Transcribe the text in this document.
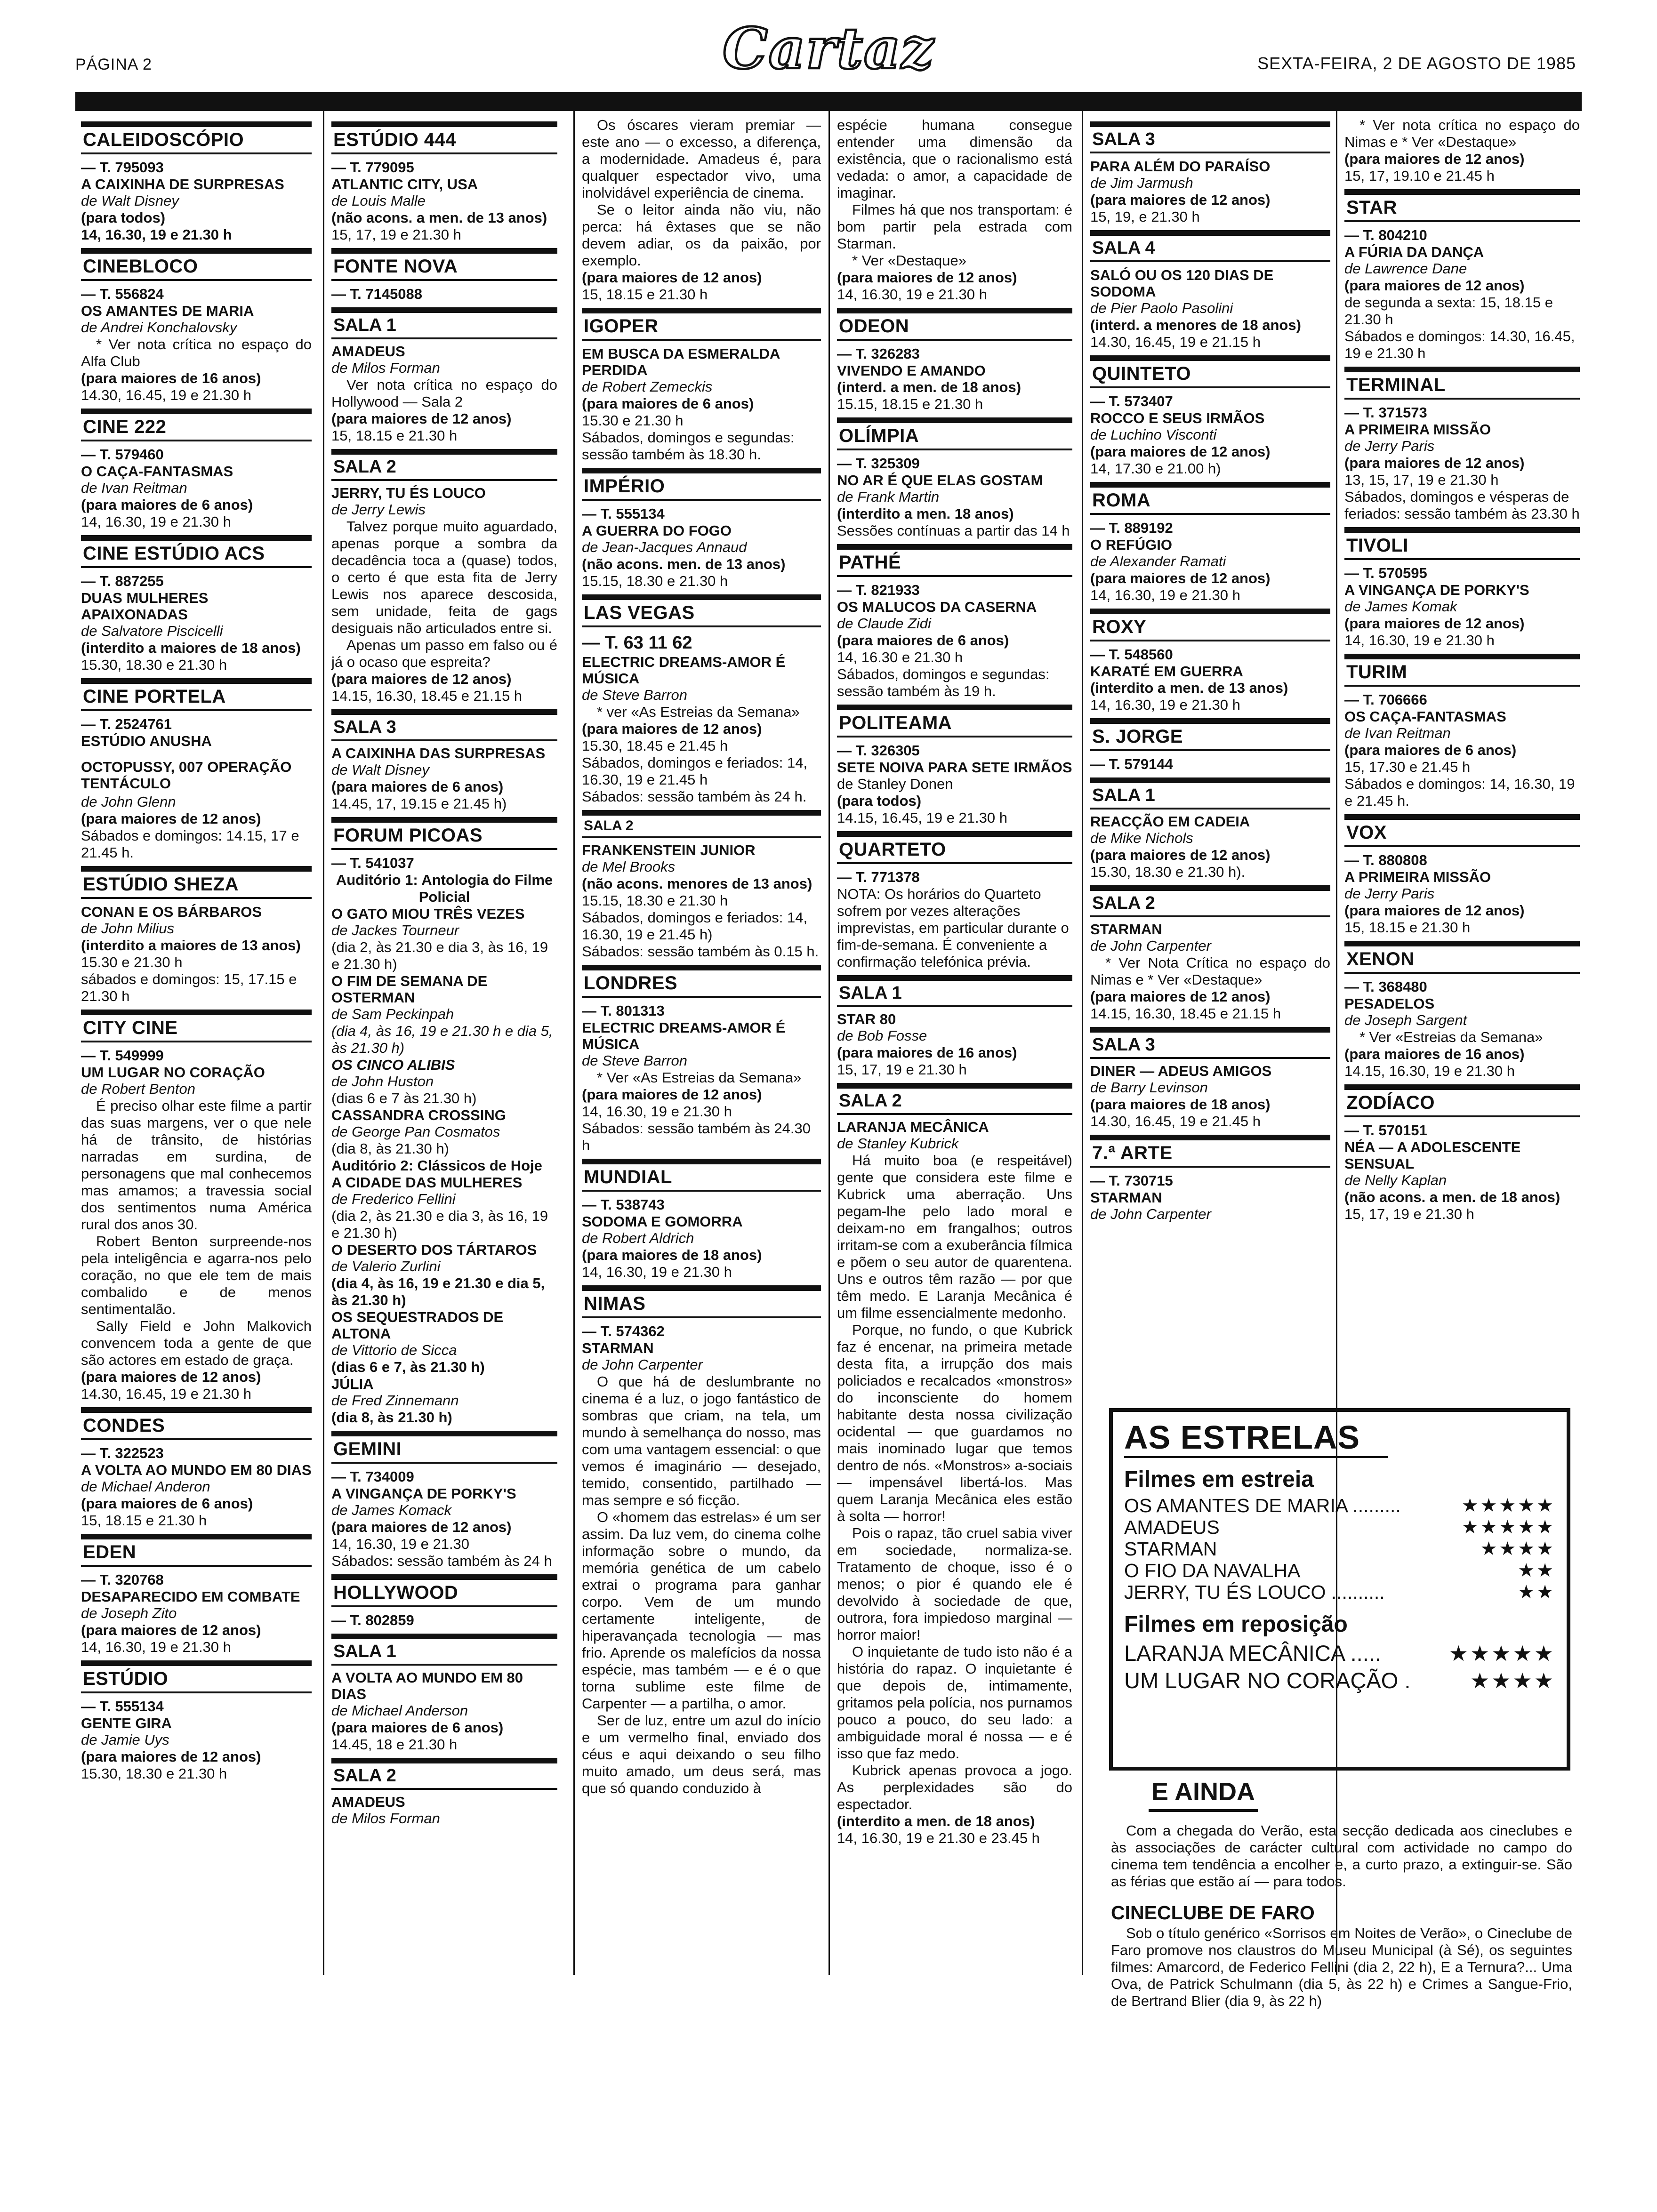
PÁGINA 2	Cartaz	SEXTA-FEIRA, 2 DE AGOSTO DE 1985
CALEIDOSCÓPIO
— T. 795093
A CAIXINHA DE SURPRESAS
de Walt Disney
(para todos)
14, 16.30, 19 e 21.30 h
CINEBLOCO
— T. 556824
OS AMANTES DE MARIA
de Andrei Konchalovsky
* Ver nota crítica no espaço do Alfa Club
(para maiores de 16 anos)
14.30, 16.45, 19 e 21.30 h
CINE 222
— T. 579460
O CAÇA-FANTASMAS
de Ivan Reitman
(para maiores de 6 anos)
14, 16.30, 19 e 21.30 h
CINE ESTÚDIO ACS
— T. 887255
DUAS MULHERES APAIXONADAS
de Salvatore Piscicelli
(interdito a maiores de 18 anos)
15.30, 18.30 e 21.30 h
CINE PORTELA
— T. 2524761
ESTÚDIO ANUSHA
OCTOPUSSY, 007 OPERAÇÃO TENTÁCULO
de John Glenn
(para maiores de 12 anos)
Sábados e domingos: 14.15, 17 e 21.45 h.
ESTÚDIO SHEZA
CONAN E OS BÁRBAROS
de John Milius
(interdito a maiores de 13 anos)
15.30 e 21.30 h
sábados e domingos: 15, 17.15 e 21.30 h
CITY CINE
— T. 549999
UM LUGAR NO CORAÇÃO
de Robert Benton
É preciso olhar este filme a partir das suas margens, ver o que nele há de trânsito, de histórias narradas em surdina, de personagens que mal conhecemos mas amamos; a travessia social dos sentimentos numa América rural dos anos 30.
Robert Benton surpreende-nos pela inteligência e agarra-nos pelo coração, no que ele tem de mais combalido e de menos sentimentalão.
Sally Field e John Malkovich convencem toda a gente de que são actores em estado de graça.
(para maiores de 12 anos)
14.30, 16.45, 19 e 21.30 h
CONDES
— T. 322523
A VOLTA AO MUNDO EM 80 DIAS
de Michael Anderon
(para maiores de 6 anos)
15, 18.15 e 21.30 h
EDEN
— T. 320768
DESAPARECIDO EM COMBATE
de Joseph Zito
(para maiores de 12 anos)
14, 16.30, 19 e 21.30 h
ESTÚDIO
— T. 555134
GENTE GIRA
de Jamie Uys
(para maiores de 12 anos)
15.30, 18.30 e 21.30 h
ESTÚDIO 444
— T. 779095
ATLANTIC CITY, USA
de Louis Malle
(não acons. a men. de 13 anos)
15, 17, 19 e 21.30 h
FONTE NOVA
— T. 7145088
SALA 1
AMADEUS
de Milos Forman
Ver nota crítica no espaço do Hollywood — Sala 2
(para maiores de 12 anos)
15, 18.15 e 21.30 h
SALA 2
JERRY, TU ÉS LOUCO
de Jerry Lewis
Talvez porque muito aguardado, apenas porque a sombra da decadência toca a (quase) todos, o certo é que esta fita de Jerry Lewis nos aparece descosida, sem unidade, feita de gags desiguais não articulados entre si.
Apenas um passo em falso ou é já o ocaso que espreita?
(para maiores de 12 anos)
14.15, 16.30, 18.45 e 21.15 h
SALA 3
A CAIXINHA DAS SURPRESAS
de Walt Disney
(para maiores de 6 anos)
14.45, 17, 19.15 e 21.45 h)
FORUM PICOAS
— T. 541037
Auditório 1: Antologia do Filme Policial
O GATO MIOU TRÊS VEZES
de Jackes Tourneur
(dia 2, às 21.30 e dia 3, às 16, 19 e 21.30 h)
O FIM DE SEMANA DE OSTERMAN
de Sam Peckinpah
(dia 4, às 16, 19 e 21.30 h e dia 5, às 21.30 h)
OS CINCO ALIBIS
de John Huston
(dias 6 e 7 às 21.30 h)
CASSANDRA CROSSING
de George Pan Cosmatos
(dia 8, às 21.30 h)
Auditório 2: Clássicos de Hoje
A CIDADE DAS MULHERES
de Frederico Fellini
(dia 2, às 21.30 e dia 3, às 16, 19 e 21.30 h)
O DESERTO DOS TÁRTAROS
de Valerio Zurlini
(dia 4, às 16, 19 e 21.30 e dia 5, às 21.30 h)
OS SEQUESTRADOS DE ALTONA
de Vittorio de Sicca
(dias 6 e 7, às 21.30 h)
JÚLIA
de Fred Zinnemann
(dia 8, às 21.30 h)
GEMINI
— T. 734009
A VINGANÇA DE PORKY'S
de James Komack
(para maiores de 12 anos)
14, 16.30, 19 e 21.30
Sábados: sessão também às 24 h
HOLLYWOOD
— T. 802859
SALA 1
A VOLTA AO MUNDO EM 80 DIAS
de Michael Anderson
(para maiores de 6 anos)
14.45, 18 e 21.30 h
SALA 2
AMADEUS
de Milos Forman
Os óscares vieram premiar — este ano — o excesso, a diferença, a modernidade. Amadeus é, para qualquer espectador vivo, uma inolvidável experiência de cinema.
Se o leitor ainda não viu, não perca: há êxtases que se não devem adiar, os da paixão, por exemplo.
(para maiores de 12 anos)
15, 18.15 e 21.30 h
IGOPER
EM BUSCA DA ESMERALDA PERDIDA
de Robert Zemeckis
(para maiores de 6 anos)
15.30 e 21.30 h
Sábados, domingos e segundas: sessão também às 18.30 h.
IMPÉRIO
— T. 555134
A GUERRA DO FOGO
de Jean-Jacques Annaud
(não acons. men. de 13 anos)
15.15, 18.30 e 21.30 h
LAS VEGAS
— T. 63 11 62
ELECTRIC DREAMS-AMOR É MÚSICA
de Steve Barron
* ver «As Estreias da Semana»
(para maiores de 12 anos)
15.30, 18.45 e 21.45 h
Sábados, domingos e feriados: 14, 16.30, 19 e 21.45 h
Sábados: sessão também às 24 h.
SALA 2
FRANKENSTEIN JUNIOR
de Mel Brooks
(não acons. menores de 13 anos)
15.15, 18.30 e 21.30 h
Sábados, domingos e feriados: 14, 16.30, 19 e 21.45 h)
Sábados: sessão também às 0.15 h.
LONDRES
— T. 801313
ELECTRIC DREAMS-AMOR É MÚSICA
de Steve Barron
* Ver «As Estreias da Semana»
(para maiores de 12 anos)
14, 16.30, 19 e 21.30 h
Sábados: sessão também às 24.30 h
MUNDIAL
— T. 538743
SODOMA E GOMORRA
de Robert Aldrich
(para maiores de 18 anos)
14, 16.30, 19 e 21.30 h
NIMAS
— T. 574362
STARMAN
de John Carpenter
O que há de deslumbrante no cinema é a luz, o jogo fantástico de sombras que criam, na tela, um mundo à semelhança do nosso, mas com uma vantagem essencial: o que vemos é imaginário — desejado, temido, consentido, partilhado — mas sempre e só ficção.
O «homem das estrelas» é um ser assim. Da luz vem, do cinema colhe informação sobre o mundo, da memória genética de um cabelo extrai o programa para ganhar corpo. Vem de um mundo certamente inteligente, de hiperavançada tecnologia — mas frio. Aprende os malefícios da nossa espécie, mas também — e é o que torna sublime este filme de Carpenter — a partilha, o amor.
Ser de luz, entre um azul do início e um vermelho final, enviado dos céus e aqui deixando o seu filho muito amado, um deus será, mas que só quando conduzido à
espécie humana consegue entender uma dimensão da existência, que o racionalismo está vedada: o amor, a capacidade de imaginar.
Filmes há que nos transportam: é bom partir pela estrada com Starman.
* Ver «Destaque»
(para maiores de 12 anos)
14, 16.30, 19 e 21.30 h
ODEON
— T. 326283
VIVENDO E AMANDO
(interd. a men. de 18 anos)
15.15, 18.15 e 21.30 h
OLÍMPIA
— T. 325309
NO AR É QUE ELAS GOSTAM
de Frank Martin
(interdito a men. 18 anos)
Sessões contínuas a partir das 14 h
PATHÉ
— T. 821933
OS MALUCOS DA CASERNA
de Claude Zidi
(para maiores de 6 anos)
14, 16.30 e 21.30 h
Sábados, domingos e segundas: sessão também às 19 h.
POLITEAMA
— T. 326305
SETE NOIVA PARA SETE IRMÃOS
de Stanley Donen
(para todos)
14.15, 16.45, 19 e 21.30 h
QUARTETO
— T. 771378
NOTA: Os horários do Quarteto sofrem por vezes alterações imprevistas, em particular durante o fim-de-semana. É conveniente a confirmação telefónica prévia.
SALA 1
STAR 80
de Bob Fosse
(para maiores de 16 anos)
15, 17, 19 e 21.30 h
SALA 2
LARANJA MECÂNICA
de Stanley Kubrick
Há muito boa (e respeitável) gente que considera este filme e Kubrick uma aberração. Uns pegam-lhe pelo lado moral e deixam-no em frangalhos; outros irritam-se com a exuberância fílmica e põem o seu autor de quarentena. Uns e outros têm razão — por que têm medo. E Laranja Mecânica é um filme essencialmente medonho.
Porque, no fundo, o que Kubrick faz é encenar, na primeira metade desta fita, a irrupção dos mais policiados e recalcados «monstros» do inconsciente do homem habitante desta nossa civilização ocidental — que guardamos no mais inominado lugar que temos dentro de nós. «Monstros» a-sociais — impensável libertá-los. Mas quem Laranja Mecânica eles estão à solta — horror!
Pois o rapaz, tão cruel sabia viver em sociedade, normaliza-se. Tratamento de choque, isso é o menos; o pior é quando ele é devolvido à sociedade de que, outrora, fora impiedoso marginal — horror maior!
O inquietante de tudo isto não é a história do rapaz. O inquietante é que depois de, intimamente, gritamos pela polícia, nos purnamos pouco a pouco, do seu lado: a ambiguidade moral é nossa — e é isso que faz medo.
Kubrick apenas provoca a jogo. As perplexidades são do espectador.
(interdito a men. de 18 anos)
14, 16.30, 19 e 21.30 e 23.45 h
SALA 3
PARA ALÉM DO PARAÍSO
de Jim Jarmush
(para maiores de 12 anos)
15, 19, e 21.30 h
SALA 4
SALÓ OU OS 120 DIAS DE SODOMA
de Pier Paolo Pasolini
(interd. a menores de 18 anos)
14.30, 16.45, 19 e 21.15 h
QUINTETO
— T. 573407
ROCCO E SEUS IRMÃOS
de Luchino Visconti
(para maiores de 12 anos)
14, 17.30 e 21.00 h)
ROMA
— T. 889192
O REFÚGIO
de Alexander Ramati
(para maiores de 12 anos)
14, 16.30, 19 e 21.30 h
ROXY
— T. 548560
KARATÉ EM GUERRA
(interdito a men. de 13 anos)
14, 16.30, 19 e 21.30 h
S. JORGE
— T. 579144
SALA 1
REACÇÃO EM CADEIA
de Mike Nichols
(para maiores de 12 anos)
15.30, 18.30 e 21.30 h).
SALA 2
STARMAN
de John Carpenter
* Ver Nota Crítica no espaço do Nimas e * Ver «Destaque»
(para maiores de 12 anos)
14.15, 16.30, 18.45 e 21.15 h
SALA 3
DINER — ADEUS AMIGOS
de Barry Levinson
(para maiores de 18 anos)
14.30, 16.45, 19 e 21.45 h
7.ª ARTE
— T. 730715
STARMAN
de John Carpenter
* Ver nota crítica no espaço do Nimas e * Ver «Destaque»
(para maiores de 12 anos)
15, 17, 19.10 e 21.45 h
STAR
— T. 804210
A FÚRIA DA DANÇA
de Lawrence Dane
(para maiores de 12 anos)
de segunda a sexta: 15, 18.15 e 21.30 h
Sábados e domingos: 14.30, 16.45, 19 e 21.30 h
TERMINAL
— T. 371573
A PRIMEIRA MISSÃO
de Jerry Paris
(para maiores de 12 anos)
13, 15, 17, 19 e 21.30 h
Sábados, domingos e vésperas de feriados: sessão também às 23.30 h
TIVOLI
— T. 570595
A VINGANÇA DE PORKY'S
de James Komak
(para maiores de 12 anos)
14, 16.30, 19 e 21.30 h
TURIM
— T. 706666
OS CAÇA-FANTASMAS
de Ivan Reitman
(para maiores de 6 anos)
15, 17.30 e 21.45 h
Sábados e domingos: 14, 16.30, 19 e 21.45 h.
VOX
— T. 880808
A PRIMEIRA MISSÃO
de Jerry Paris
(para maiores de 12 anos)
15, 18.15 e 21.30 h
XENON
— T. 368480
PESADELOS
de Joseph Sargent
* Ver «Estreias da Semana»
(para maiores de 16 anos)
14.15, 16.30, 19 e 21.30 h
ZODÍACO
— T. 570151
NÉA — A ADOLESCENTE SENSUAL
de Nelly Kaplan
(não acons. a men. de 18 anos)
15, 17, 19 e 21.30 h
AS ESTRELAS
Filmes em estreia
OS AMANTES DE MARIA .........	★★★★★
AMADEUS	★★★★★
STARMAN	★★★★
O FIO DA NAVALHA	★★
JERRY, TU ÉS LOUCO ..........	★★
Filmes em reposição
LARANJA MECÂNICA .....	★★★★★
UM LUGAR NO CORAÇÃO .	★★★★
E AINDA
Com a chegada do Verão, esta secção dedicada aos cineclubes e às associações de carácter cultural com actividade no campo do cinema tem tendência a encolher e, a curto prazo, a extinguir-se. São as férias que estão aí — para todos.
CINECLUBE DE FARO
Sob o título genérico «Sorrisos em Noites de Verão», o Cineclube de Faro promove nos claustros do Museu Municipal (à Sé), os seguintes filmes: Amarcord, de Federico Fellini (dia 2, 22 h), E a Ternura?... Uma Ova, de Patrick Schulmann (dia 5, às 22 h) e Crimes a Sangue-Frio, de Bertrand Blier (dia 9, às 22 h)
